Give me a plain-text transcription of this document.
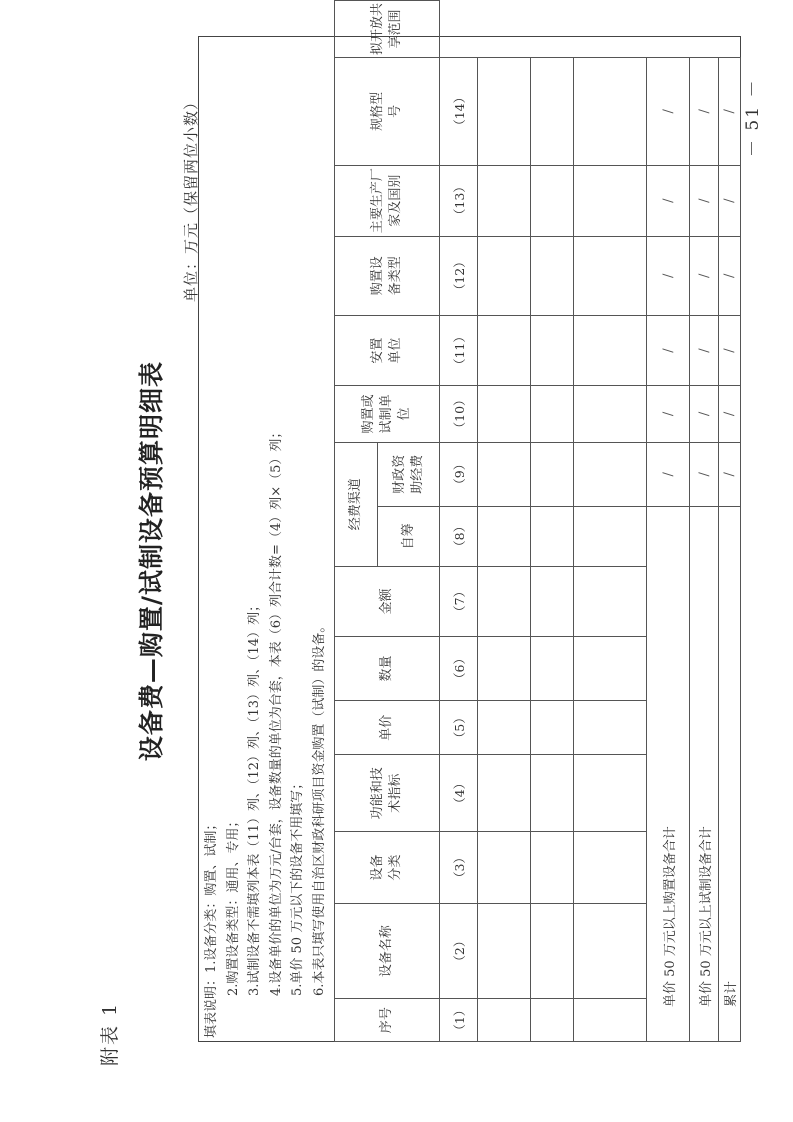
附表 1
设备费—购置/试制设备预算明细表
单位：万元（保留两位小数）
填表说明：1.设备分类：购置、试制； 2.购置设备类型：通用、专用； 3.试制设备不需填列本表（11）列、（12）列、（13）列、（14）列； 4.设备单价的单位为万元/台套，设备数量的单位为台套，本表（6）列合计数=（4）列×（5）列； 5.单价 50 万元以下的设备不用填写； 6.本表只填写使用自治区财政科研项目资金购置（试制）的设备。
序号	设备名称	设备分类	功能和技术指标	单价	数量	金额	经费渠道		购置或试制单位	安置单位	购置设备类型	主要生产厂家及国别	规格型号	拟开放共享范围

							自筹	财政资助经费						

（1）	（2）	（3）	（4）	（5）	（6）	（7）	（8）	（9）	（10）	（11）	（12）	（13）	（14）	

单价 50 万元以上购置设备合计								/	/	/	/	/	/	
单价 50 万元以上试制设备合计								/	/	/	/	/	/	
累计								/	/	/	/	/	/	－ 51 －
